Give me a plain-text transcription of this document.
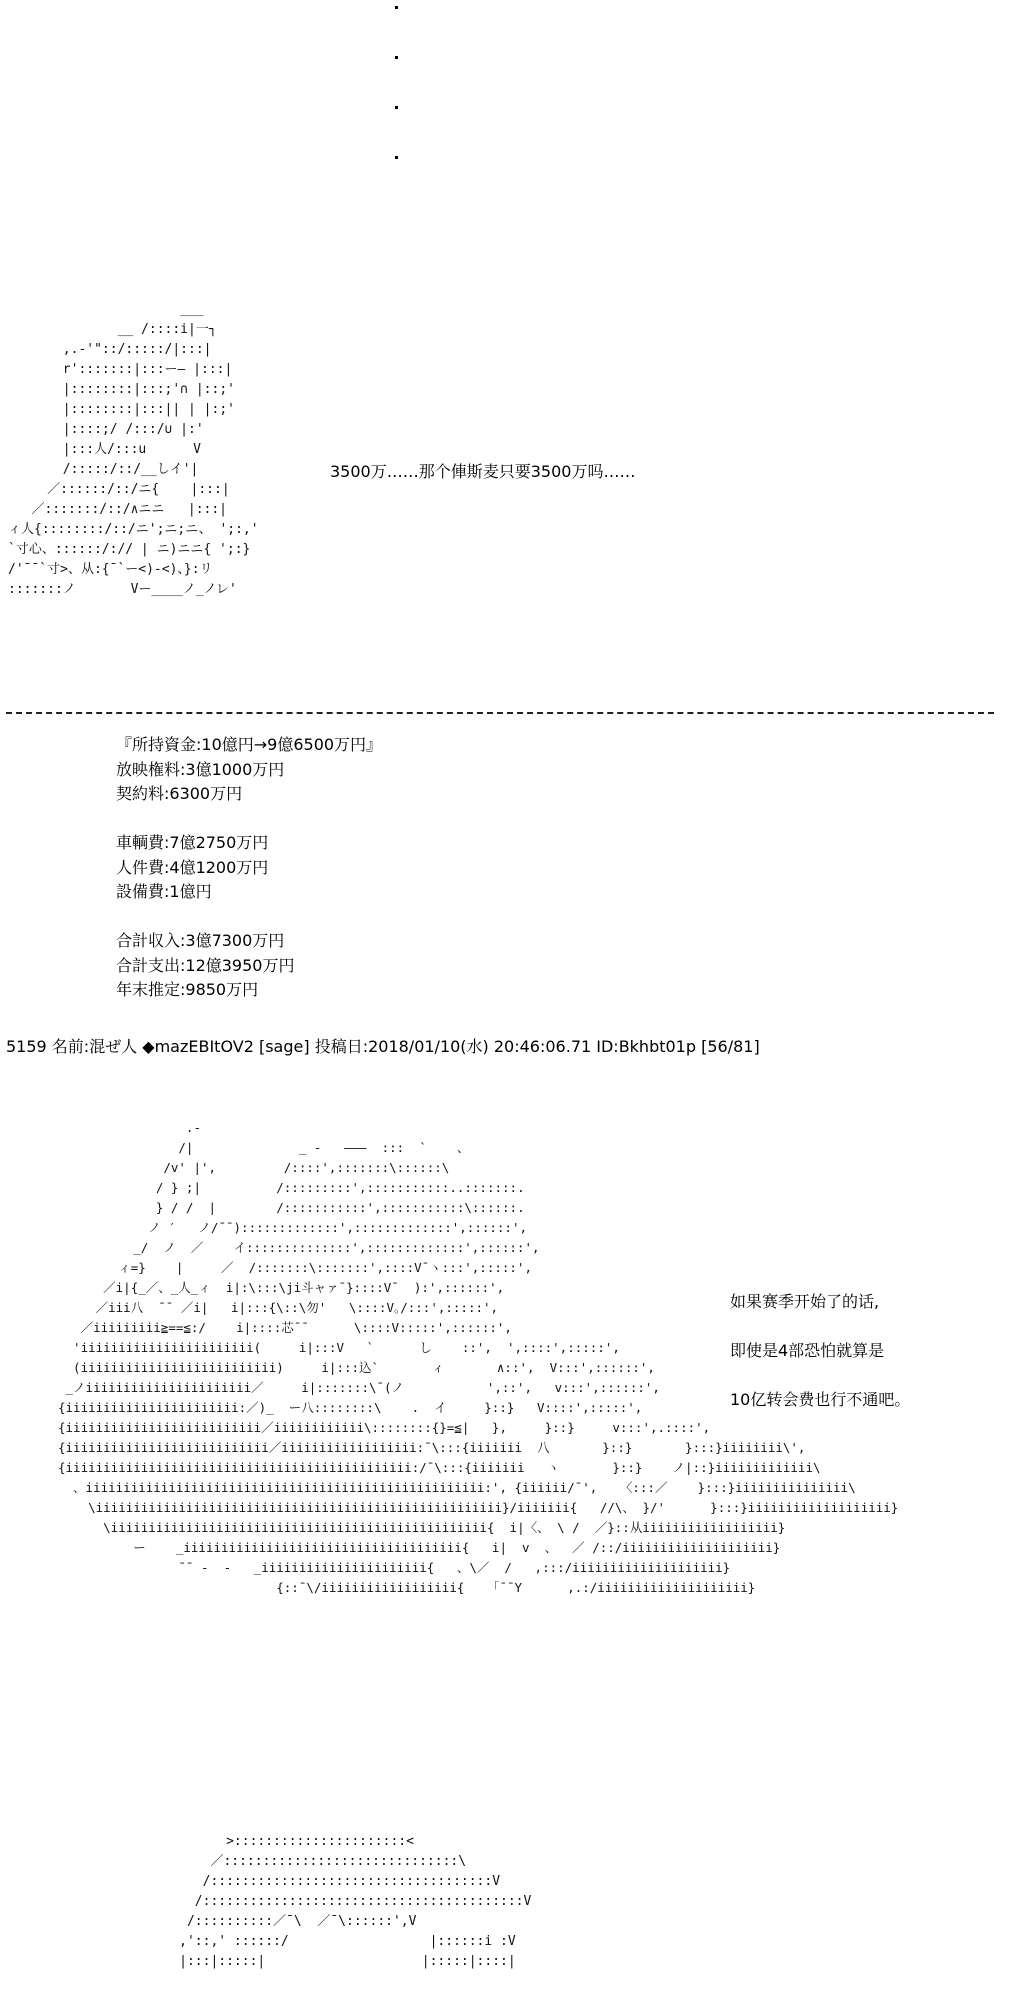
___
__ /::::i|一┐
,.-'"::/:::::/|:::|
r':::::::|:::ー― |:::|
|::::::::|:::;'∩ |::;'
|::::::::|:::|| | |:;'
|::::;/ /:::/∪ |:'
|:::人/:::u      V
/:::::/::/__しイ'|
／::::::/::/ニ{    |:::|
／:::::::/::/∧ニニ   |:::|
ィ人{::::::::/::/ニ';ニ;ニ、 ';:,'
`寸心、::::::/:// | ニ)ニニ{ ';:}
/'¯¯`寸>、从:{¯`ー<)-<)、}:リ
:::::::ノ       Vー____ノ_ノレ'
3500万……那个俥斯麦只要3500万吗……
『所持資金:10億円→9億6500万円』
放映権料:3億1000万円
契約料:6300万円
車輌費:7億2750万円
人件費:4億1200万円
設備費:1億円
合計収入:3億7300万円
合計支出:12億3950万円
年末推定:9850万円
5159 名前:混ぜ人 ◆mazEBItOV2 [sage] 投稿日:2018/01/10(水) 20:46:06.71 ID:Bkhbt01p [56/81]
.-
/|              _ -   ―――  :::  `    、
/v' |',         /::::',:::::::\::::::\
/ } ;|          /:::::::::',:::::::::::..:::::::.
} / /  |        /:::::::::::',:::::::::::\::::::.
ノ ′   ノ/¯¯):::::::::::::',:::::::::::::',::::::',
_/  ノ  ／    イ::::::::::::::',:::::::::::::',::::::',
ィ=}    |     ／  /:::::::\:::::::',::::V¯ヽ:::',:::::',
／i|{_／、_人_ィ  i|:\:::\ji斗ャァ¯}::::V¯  ):',::::::',
／iii八  ¯¯ ／i|   i|:::{\::\勿'   \::::V｡/:::',:::::',
／iiiiiiiii≧==≦:/    i|::::芯¯¯      \::::V:::::',::::::',
'iiiiiiiiiiiiiiiiiiiiiii(     i|:::V   `      し    ::',  ',::::',:::::',
(iiiiiiiiiiiiiiiiiiiiiiiiii)     i|:::込`       ィ       ∧::',  V:::',::::::',
_ノiiiiiiiiiiiiiiiiiiiiii／     i|:::::::\¯(ノ           ',::',   v:::',::::::',
{iiiiiiiiiiiiiiiiiiiiiii:／)_  ー八::::::::\    .  イ     }::}   V::::',:::::',
{iiiiiiiiiiiiiiiiiiiiiiiiii／iiiiiiiiiiii\::::::::{}=≦|   },     }::}     v:::',.::::',
{iiiiiiiiiiiiiiiiiiiiiiiiiii／iiiiiiiiiiiiiiiiii:¯\:::{iiiiiii  八       }::}       }:::}iiiiiiii\',
{iiiiiiiiiiiiiiiiiiiiiiiiiiiiiiiiiiiiiiiiiiiiii:/¯\:::{iiiiiii   ヽ       }::}    ノ|::}iiiiiiiiiiiii\
、iiiiiiiiiiiiiiiiiiiiiiiiiiiiiiiiiiiiiiiiiiiiiiiiiiiii:', {iiiiii/¯',   〈:::／    }:::}iiiiiiiiiiiiiii\
\iiiiiiiiiiiiiiiiiiiiiiiiiiiiiiiiiiiiiiiiiiiiiiiiiiiiii}/iiiiiii{   //\、 }/'      }:::}iiiiiiiiiiiiiiiiiii}
\iiiiiiiiiiiiiiiiiiiiiiiiiiiiiiiiiiiiiiiiiiiiiiiiii{  i|〈、 \ /  ／}::从iiiiiiiiiiiiiiiiii}
ー    _iiiiiiiiiiiiiiiiiiiiiiiiiiiiiiiiiiiii{   i|  v  、  ／ /::/iiiiiiiiiiiiiiiiiiii}
¯¯ ‐  -   _iiiiiiiiiiiiiiiiiiiiii{   、\／  /   ,:::/iiiiiiiiiiiiiiiiiiii}
{::¯\/iiiiiiiiiiiiiiiiii{   「¯¯Y      ,.:/iiiiiiiiiiiiiiiiiiii}
如果赛季开始了的话,
即使是4部恐怕就算是
10亿转会费也行不通吧。
>::::::::::::::::::::::<
／::::::::::::::::::::::::::::::\
/::::::::::::::::::::::::::::::::::::V
/:::::::::::::::::::::::::::::::::::::::::V
/::::::::::／¯\  ／¯\::::::',V
,'::,' ::::::/                  |::::::i :V
|:::|:::::|                    |:::::|::::|
